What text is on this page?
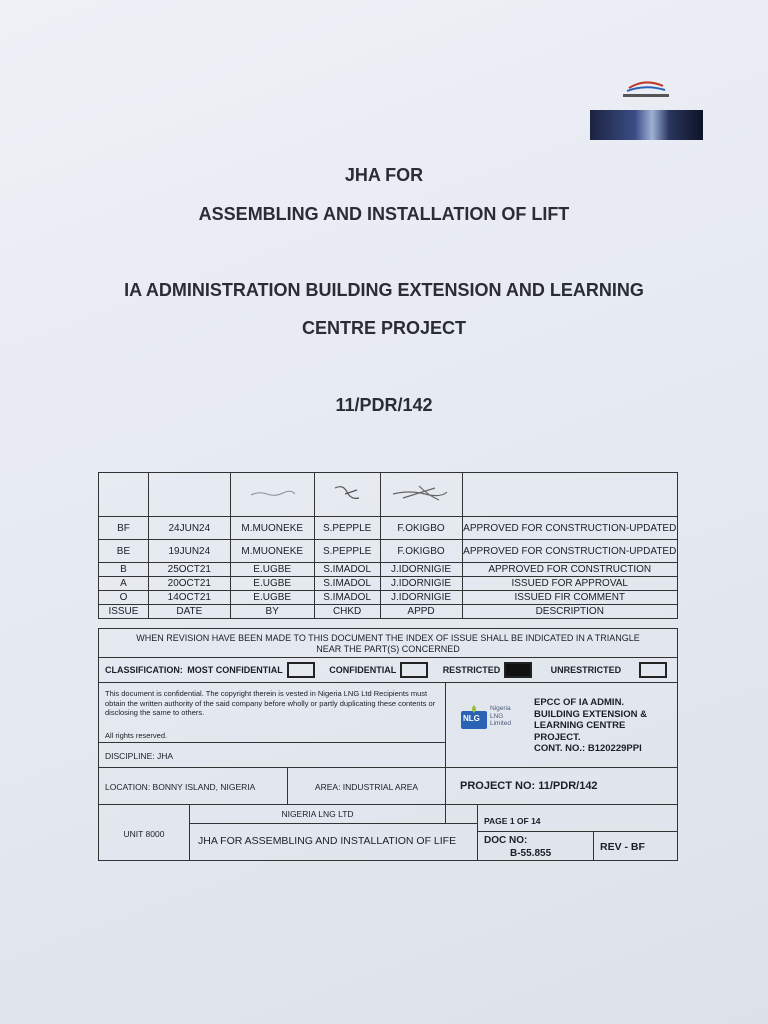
JHA FOR
ASSEMBLING AND INSTALLATION OF LIFT
IA ADMINISTRATION BUILDING EXTENSION AND LEARNING
CENTRE PROJECT
11/PDR/142

BF	24JUN24	M.MUONEKE	S.PEPPLE	F.OKIGBO	APPROVED FOR CONSTRUCTION-UPDATED
BE	19JUN24	M.MUONEKE	S.PEPPLE	F.OKIGBO	APPROVED FOR CONSTRUCTION-UPDATED
B	25OCT21	E.UGBE	S.IMADOL	J.IDORNIGIE	APPROVED FOR CONSTRUCTION
A	20OCT21	E.UGBE	S.IMADOL	J.IDORNIGIE	ISSUED FOR APPROVAL
O	14OCT21	E.UGBE	S.IMADOL	J.IDORNIGIE	ISSUED FIR COMMENT
ISSUE	DATE	BY	CHKD	APPD	DESCRIPTION
WHEN REVISION HAVE BEEN MADE TO THIS DOCUMENT THE INDEX OF ISSUE SHALL BE INDICATED IN A TRIANGLE NEAR THE PART(S) CONCERNED
CLASSIFICATION: MOST CONFIDENTIAL	CONFIDENTIAL	RESTRICTED	UNRESTRICTED
This document is confidential. The copyright therein is vested in Nigeria LNG Ltd Recipients must obtain the written authority of the said company before wholly or partly duplicating these contents or disclosing the same to others.
All rights reserved.
DISCIPLINE: JHA
NLG
Nigeria
LNG
Limited
EPCC OF IA ADMIN.
BUILDING EXTENSION &
LEARNING CENTRE
PROJECT.
CONT. NO.: B120229PPI
LOCATION: BONNY ISLAND, NIGERIA	AREA: INDUSTRIAL AREA	PROJECT NO: 11/PDR/142
UNIT 8000
NIGERIA LNG LTD
JHA FOR ASSEMBLING AND INSTALLATION OF LIFE
PAGE 1 OF 14
DOC NO:
B-55.855
REV - BF
